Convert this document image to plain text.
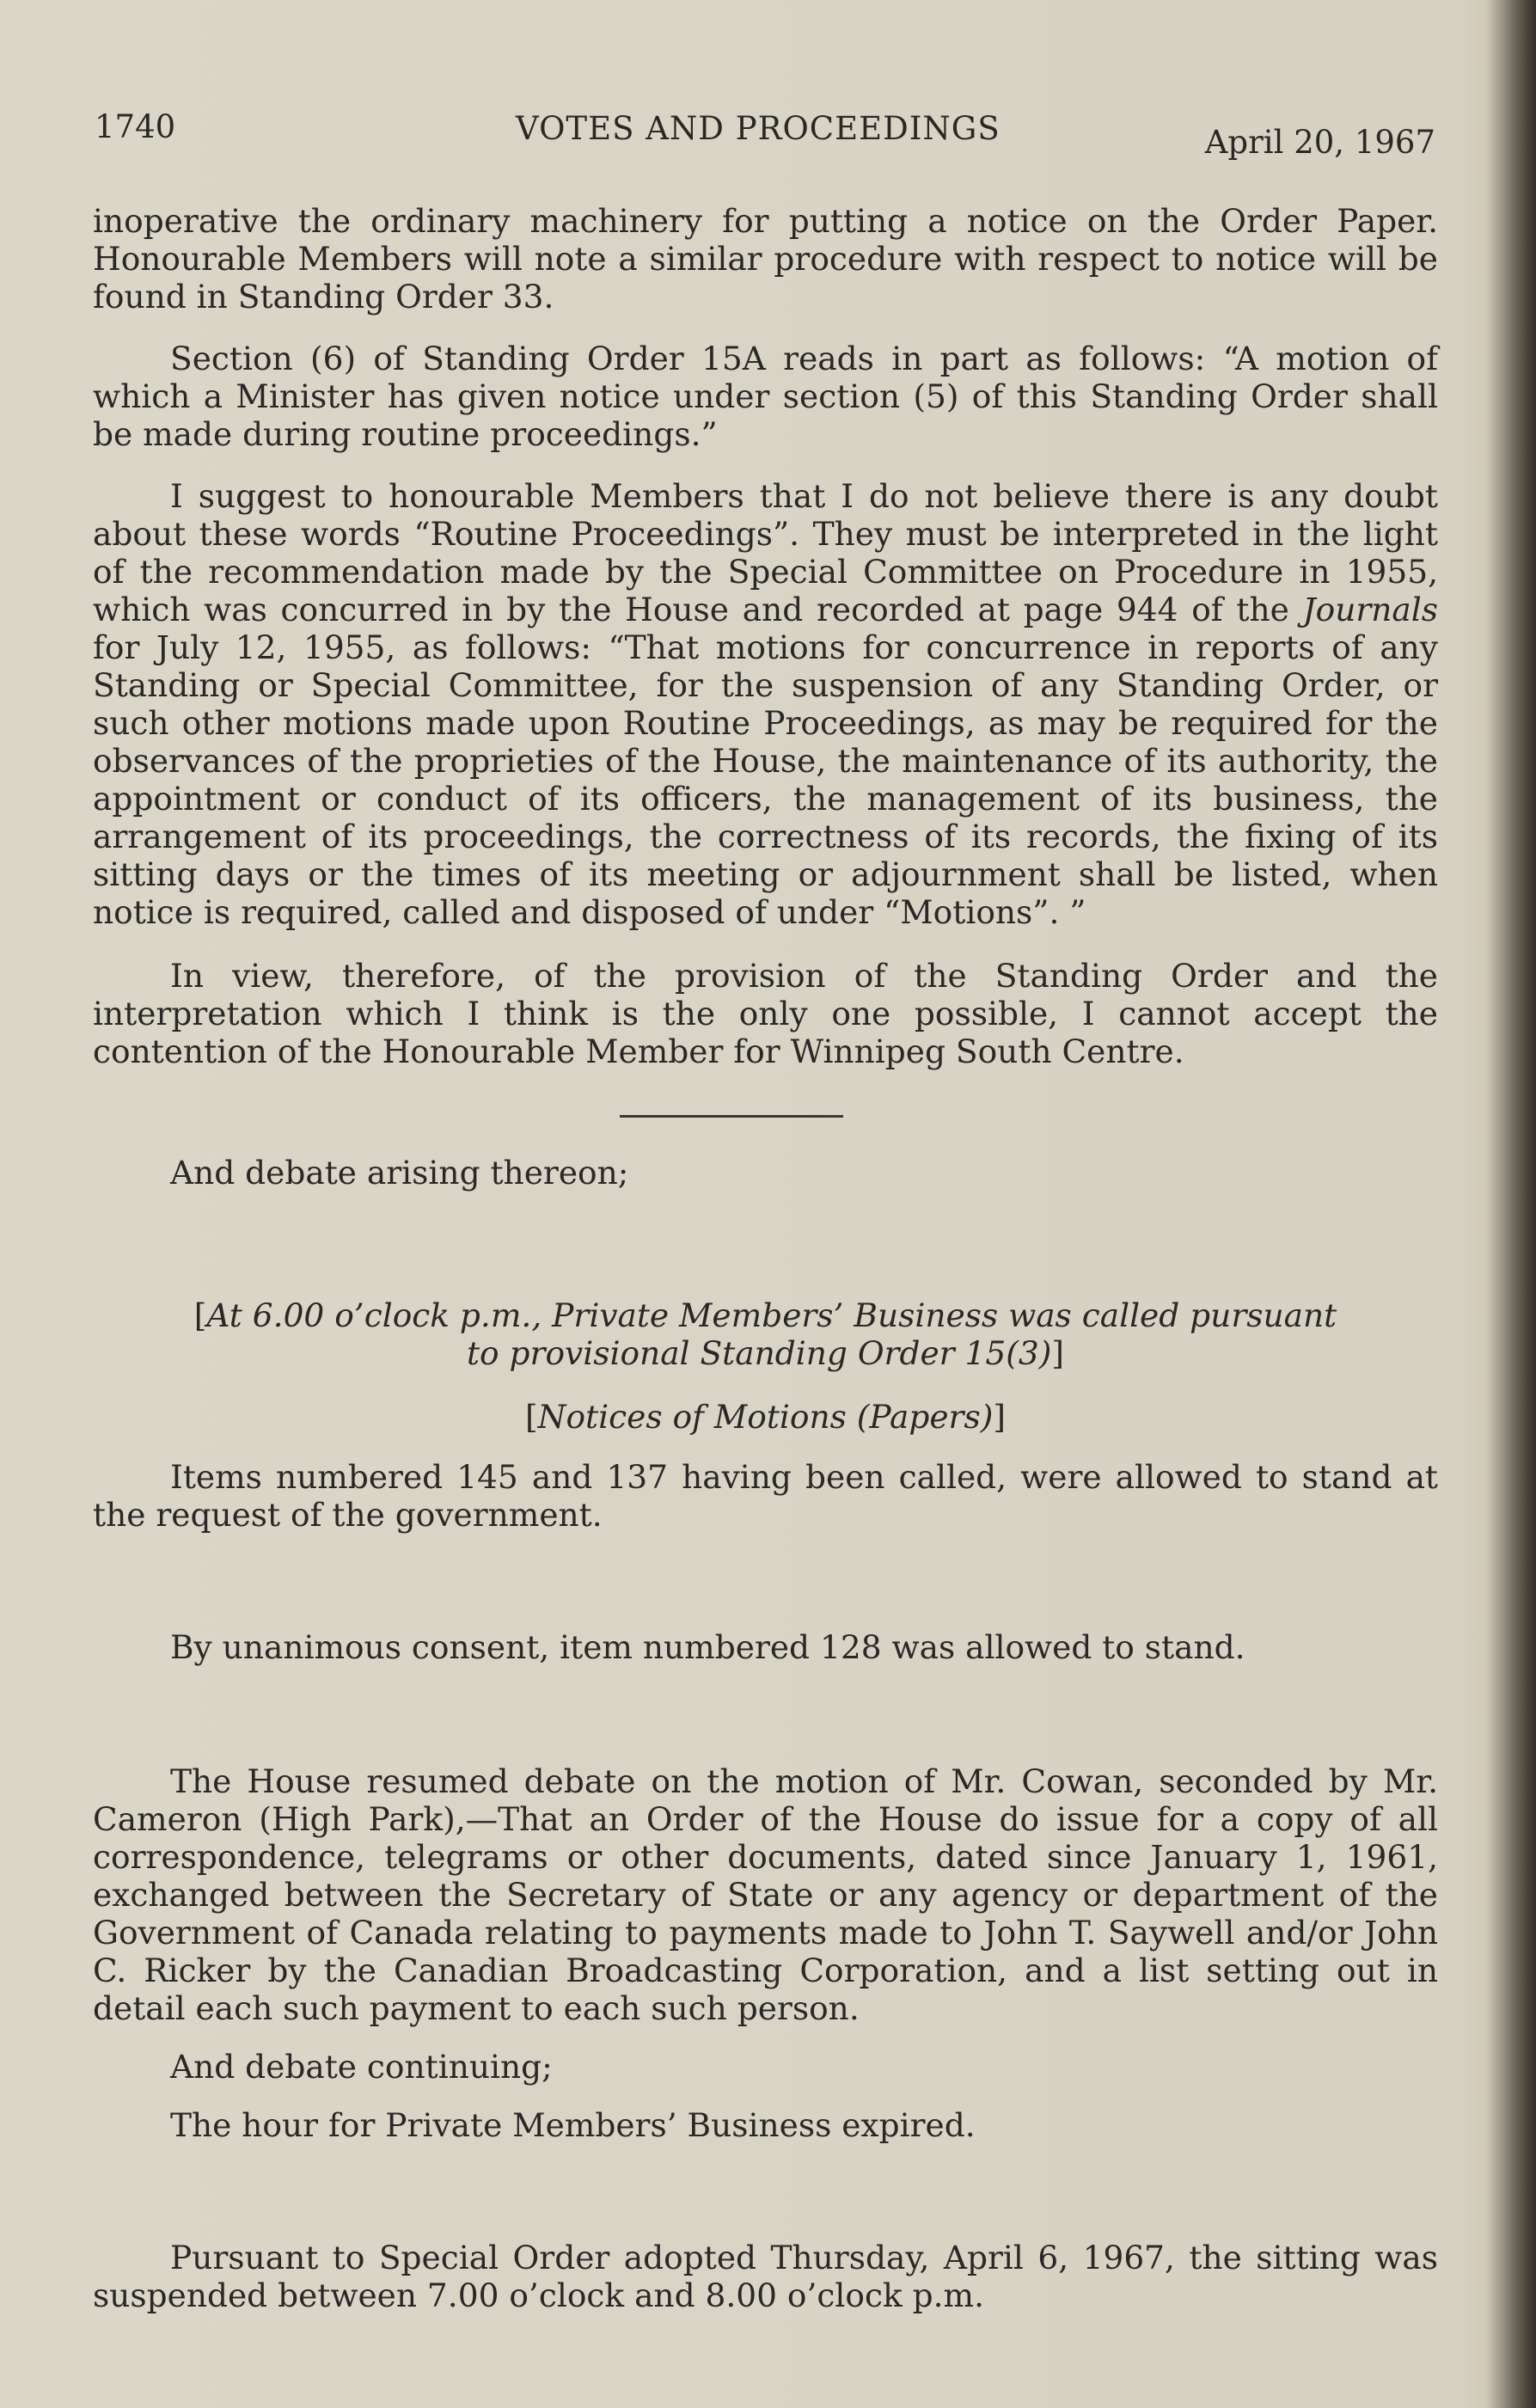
1740	VOTES AND PROCEEDINGS	April 20, 1967

inoperative the ordinary machinery for putting a notice on the Order Paper. Honourable Members will note a similar procedure with respect to notice will be found in Standing Order 33.

Section (6) of Standing Order 15A reads in part as follows: “A motion of which a Minister has given notice under section (5) of this Standing Order shall be made during routine proceedings.”

I suggest to honourable Members that I do not believe there is any doubt about these words “Routine Proceedings”. They must be interpreted in the light of the recommendation made by the Special Committee on Procedure in 1955, which was concurred in by the House and recorded at page 944 of the Journals for July 12, 1955, as follows: “That motions for concurrence in reports of any Standing or Special Committee, for the suspension of any Standing Order, or such other motions made upon Routine Proceedings, as may be required for the observances of the proprieties of the House, the maintenance of its authority, the appointment or conduct of its officers, the management of its business, the arrangement of its proceedings, the correctness of its records, the fixing of its sitting days or the times of its meeting or adjournment shall be listed, when notice is required, called and disposed of under “Motions”. ”

In view, therefore, of the provision of the Standing Order and the interpretation which I think is the only one possible, I cannot accept the contention of the Honourable Member for Winnipeg South Centre.

And debate arising thereon;

[At 6.00 o’clock p.m., Private Members’ Business was called pursuant
to provisional Standing Order 15(3)]

[Notices of Motions (Papers)]

Items numbered 145 and 137 having been called, were allowed to stand at the request of the government.

By unanimous consent, item numbered 128 was allowed to stand.

The House resumed debate on the motion of Mr. Cowan, seconded by Mr. Cameron (High Park),—That an Order of the House do issue for a copy of all correspondence, telegrams or other documents, dated since January 1, 1961, exchanged between the Secretary of State or any agency or department of the Government of Canada relating to payments made to John T. Saywell and/or John C. Ricker by the Canadian Broadcasting Corporation, and a list setting out in detail each such payment to each such person.

And debate continuing;

The hour for Private Members’ Business expired.

Pursuant to Special Order adopted Thursday, April 6, 1967, the sitting was suspended between 7.00 o’clock and 8.00 o’clock p.m.
